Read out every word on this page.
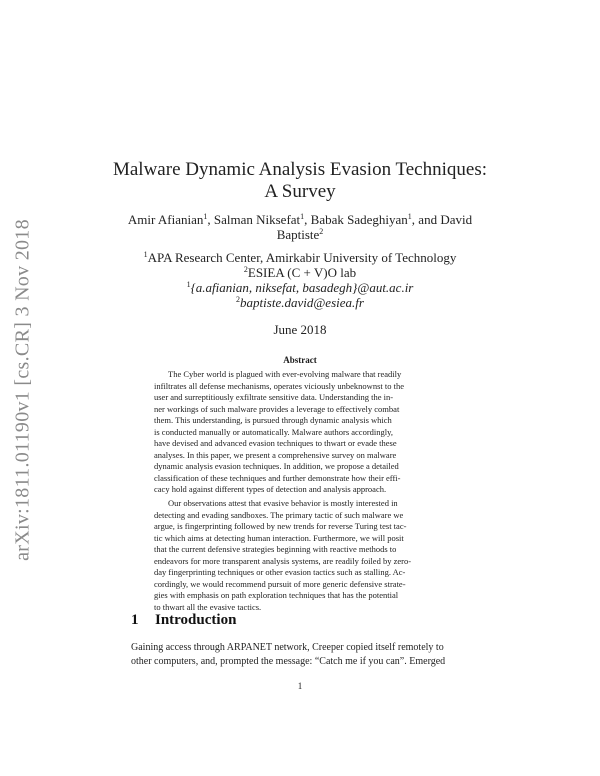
arXiv:1811.01190v1 [cs.CR] 3 Nov 2018
Malware Dynamic Analysis Evasion Techniques:
A Survey
Amir Afianian$^1$, Salman Niksefat$^1$, Babak Sadeghiyan$^1$, and David
Baptiste$^2$
$^1$APA Research Center, Amirkabir University of Technology
$^2$ESIEA (C + V)O lab
$^1${a.afianian, niksefat, basadegh}@aut.ac.ir
$^2$baptiste.david@esiea.fr
June 2018
Abstract
The Cyber world is plagued with ever-evolving malware that readily
infiltrates all defense mechanisms, operates viciously unbeknownst to the
user and surreptitiously exfiltrate sensitive data. Understanding the in-
ner workings of such malware provides a leverage to effectively combat
them. This understanding, is pursued through dynamic analysis which
is conducted manually or automatically. Malware authors accordingly,
have devised and advanced evasion techniques to thwart or evade these
analyses. In this paper, we present a comprehensive survey on malware
dynamic analysis evasion techniques. In addition, we propose a detailed
classification of these techniques and further demonstrate how their effi-
cacy hold against different types of detection and analysis approach.
Our observations attest that evasive behavior is mostly interested in
detecting and evading sandboxes. The primary tactic of such malware we
argue, is fingerprinting followed by new trends for reverse Turing test tac-
tic which aims at detecting human interaction. Furthermore, we will posit
that the current defensive strategies beginning with reactive methods to
endeavors for more transparent analysis systems, are readily foiled by zero-
day fingerprinting techniques or other evasion tactics such as stalling. Ac-
cordingly, we would recommend pursuit of more generic defensive strate-
gies with emphasis on path exploration techniques that has the potential
to thwart all the evasive tactics.
1 Introduction
Gaining access through ARPANET network, Creeper copied itself remotely to
other computers, and, prompted the message: “Catch me if you can”. Emerged
1
